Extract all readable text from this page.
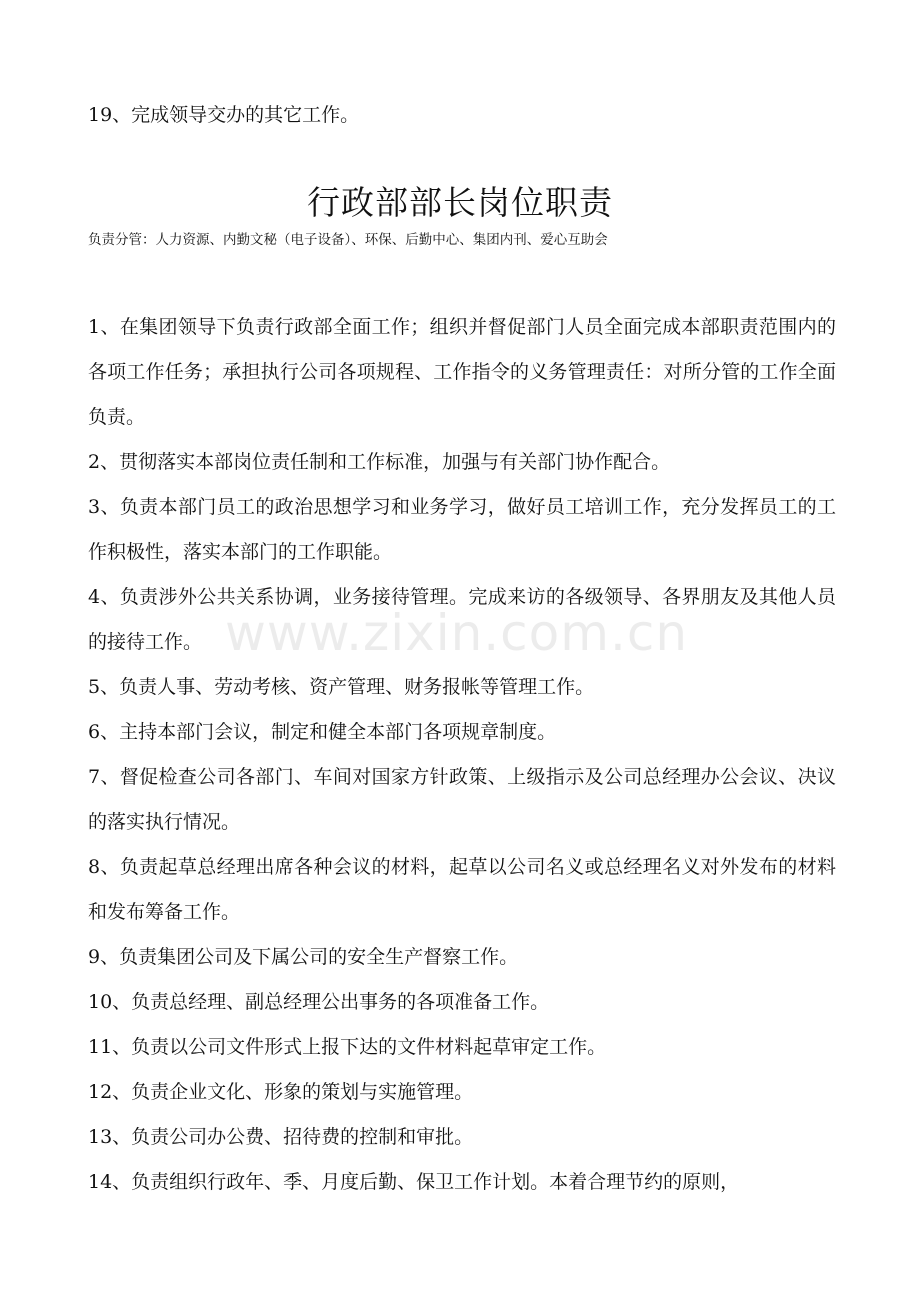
19、完成领导交办的其它工作。
行政部部长岗位职责
负责分管：人力资源、内勤文秘（电子设备）、环保、后勤中心、集团内刊、爱心互助会
1、在集团领导下负责行政部全面工作；组织并督促部门人员全面完成本部职责范围内的各项工作任务；承担执行公司各项规程、工作指令的义务管理责任：对所分管的工作全面负责。
2、贯彻落实本部岗位责任制和工作标准，加强与有关部门协作配合。
3、负责本部门员工的政治思想学习和业务学习，做好员工培训工作，充分发挥员工的工作积极性，落实本部门的工作职能。
4、负责涉外公共关系协调，业务接待管理。完成来访的各级领导、各界朋友及其他人员的接待工作。
5、负责人事、劳动考核、资产管理、财务报帐等管理工作。
6、主持本部门会议，制定和健全本部门各项规章制度。
7、督促检查公司各部门、车间对国家方针政策、上级指示及公司总经理办公会议、决议的落实执行情况。
8、负责起草总经理出席各种会议的材料，起草以公司名义或总经理名义对外发布的材料和发布筹备工作。
9、负责集团公司及下属公司的安全生产督察工作。
10、负责总经理、副总经理公出事务的各项准备工作。
11、负责以公司文件形式上报下达的文件材料起草审定工作。
12、负责企业文化、形象的策划与实施管理。
13、负责公司办公费、招待费的控制和审批。
14、负责组织行政年、季、月度后勤、保卫工作计划。本着合理节约的原则，
www.zixin.com.cn
